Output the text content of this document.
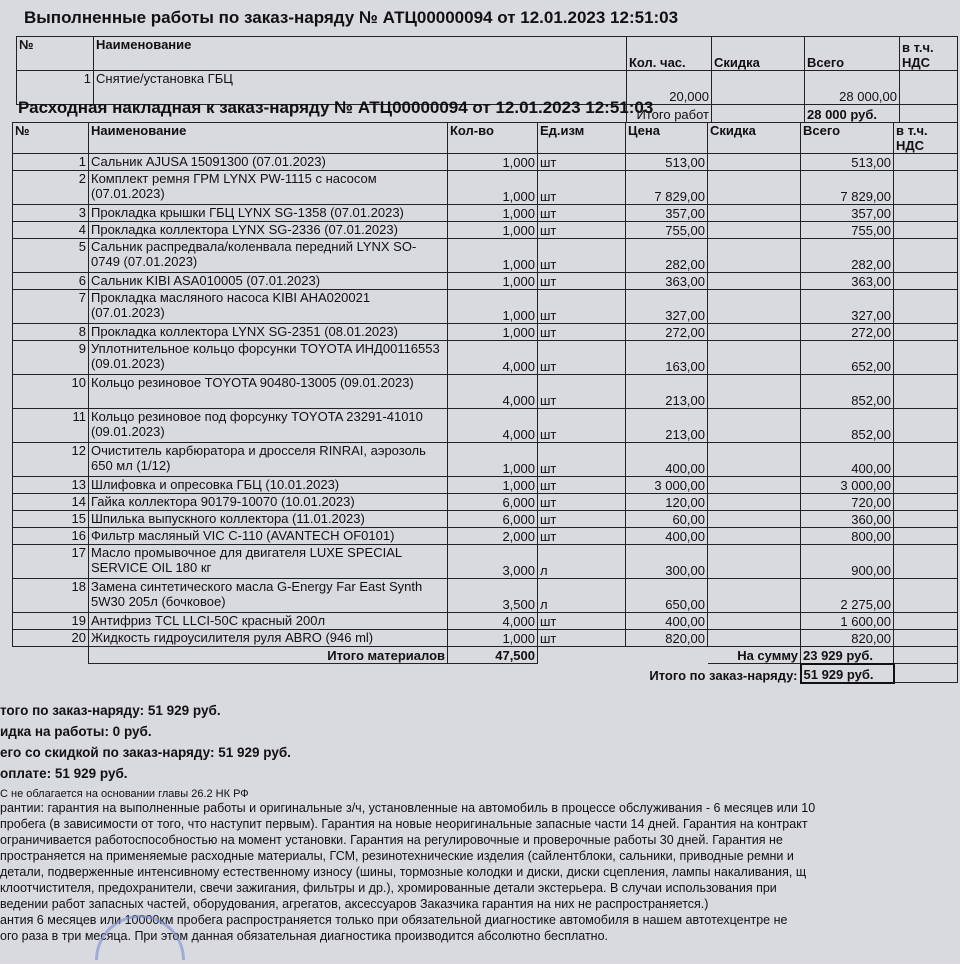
Выполненные работы по заказ-наряду № АТЦ00000094 от 12.01.2023 12:51:03
№	Наименование	Кол. час.	Скидка	Всего	в т.ч. НДС
1	Снятие/установка ГБЦ	20,000		28 000,00	
		Итого работ		28 000 руб.	
Расходная накладная к заказ-наряду № АТЦ00000094 от 12.01.2023 12:51:03
№	Наименование	Кол-во	Ед.изм	Цена	Скидка	Всего	в т.ч. НДС
1	Сальник AJUSA 15091300 (07.01.2023)	1,000	шт	513,00		513,00	
2	Комплект ремня ГРМ LYNX PW-1115 с насосом (07.01.2023)	1,000	шт	7 829,00		7 829,00	
3	Прокладка крышки ГБЦ LYNX SG-1358 (07.01.2023)	1,000	шт	357,00		357,00	
4	Прокладка коллектора LYNX SG-2336 (07.01.2023)	1,000	шт	755,00		755,00	
5	Сальник распредвала/коленвала передний LYNX SO-0749 (07.01.2023)	1,000	шт	282,00		282,00	
6	Сальник KIBI ASA010005 (07.01.2023)	1,000	шт	363,00		363,00	
7	Прокладка масляного насоса KIBI AHA020021 (07.01.2023)	1,000	шт	327,00		327,00	
8	Прокладка коллектора LYNX SG-2351 (08.01.2023)	1,000	шт	272,00		272,00	
9	Уплотнительное кольцо форсунки TOYOTA ИНД00116553 (09.01.2023)	4,000	шт	163,00		652,00	
10	Кольцо резиновое TOYOTA 90480-13005 (09.01.2023)	4,000	шт	213,00		852,00	
11	Кольцо резиновое под форсунку TOYOTA 23291-41010 (09.01.2023)	4,000	шт	213,00		852,00	
12	Очиститель карбюратора и дросселя RINRAI, аэрозоль 650 мл (1/12)	1,000	шт	400,00		400,00	
13	Шлифовка и опресовка ГБЦ (10.01.2023)	1,000	шт	3 000,00		3 000,00	
14	Гайка коллектора 90179-10070 (10.01.2023)	6,000	шт	120,00		720,00	
15	Шпилька выпускного коллектора (11.01.2023)	6,000	шт	60,00		360,00	
16	Фильтр масляный VIC C-110 (AVANTECH OF0101)	2,000	шт	400,00		800,00	
17	Масло промывочное для двигателя LUXE SPECIAL SERVICE OIL 180 кг	3,000	л	300,00		900,00	
18	Замена синтетического масла G-Energy Far East Synth 5W30 205л (бочковое)	3,500	л	650,00		2 275,00	
19	Антифриз TCL LLCI-50C красный 200л	4,000	шт	400,00		1 600,00	
20	Жидкость гидроусилителя руля ABRO (946 ml)	1,000	шт	820,00		820,00	
	Итого материалов	47,500			На сумму	23 929 руб.	
				Итого по заказ-наряду:		51 929 руб.	
того по заказ-наряду: 51 929 руб.
идка на работы: 0 руб.
его со скидкой по заказ-наряду: 51 929 руб.
оплате: 51 929 руб.
С не облагается на основании главы 26.2 НК РФ
рантии: гарантия на выполненные работы и оригинальные з/ч, установленные на автомобиль в процессе обслуживания - 6 месяцев или 10
пробега (в зависимости от того, что наступит первым). Гарантия на новые неоригинальные запасные части 14 дней. Гарантия на контракт
ограничивается работоспособностью на момент установки. Гарантия на регулировочные и проверочные работы 30 дней. Гарантия не
пространяется на применяемые расходные материалы, ГСМ, резинотехнические изделия (сайлентблоки, сальники, приводные ремни и
детали, подверженные интенсивному естественному износу (шины, тормозные колодки и диски, диски сцепления, лампы накаливания, щ
клоотчистителя, предохранители, свечи зажигания, фильтры и др.), хромированные детали экстерьера. В случаи использования при
ведении работ запасных частей, оборудования, агрегатов, аксессуаров Заказчика гарантия на них не распространяется.)
антия 6 месяцев или 10000км пробега распространяется только при обязательной диагностике автомобиля в нашем автотехцентре не
ого раза в три месяца. При этом данная обязательная диагностика производится абсолютно бесплатно.
